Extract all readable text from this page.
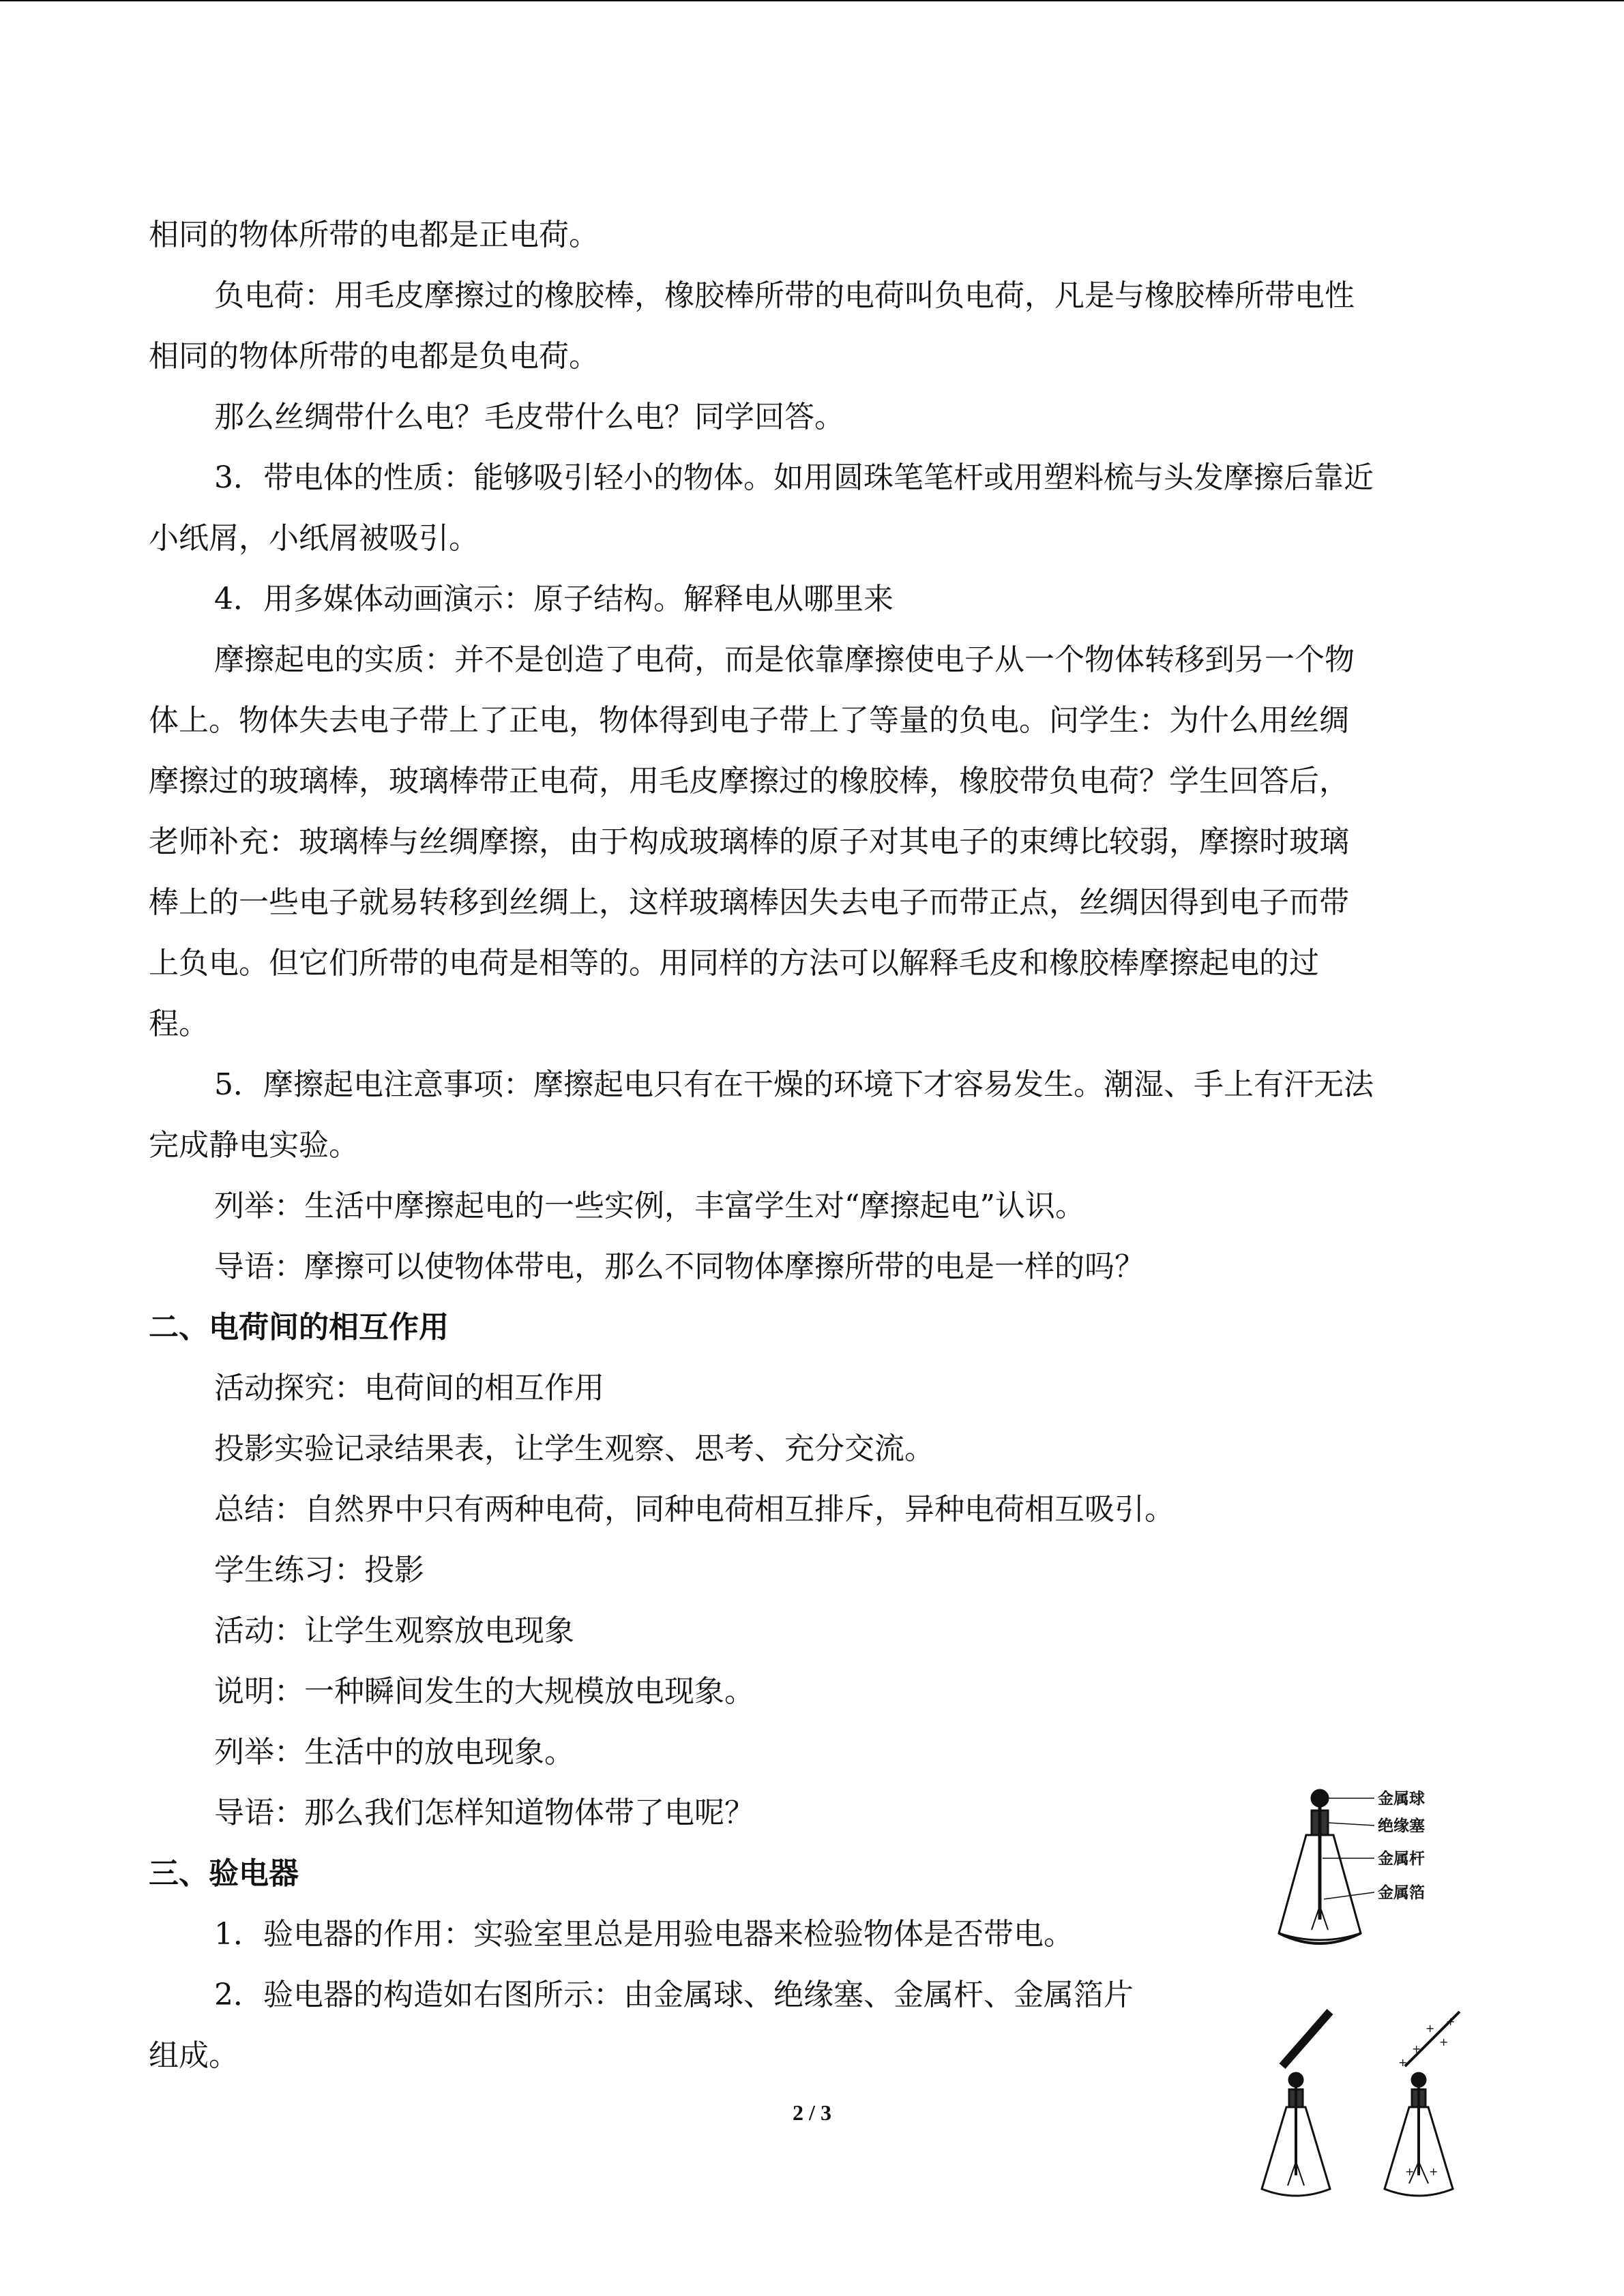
相同的物体所带的电都是正电荷。

负电荷：用毛皮摩擦过的橡胶棒，橡胶棒所带的电荷叫负电荷，凡是与橡胶棒所带电性

相同的物体所带的电都是负电荷。

那么丝绸带什么电？毛皮带什么电？同学回答。

3．带电体的性质：能够吸引轻小的物体。如用圆珠笔笔杆或用塑料梳与头发摩擦后靠近

小纸屑，小纸屑被吸引。

4．用多媒体动画演示：原子结构。解释电从哪里来

摩擦起电的实质：并不是创造了电荷，而是依靠摩擦使电子从一个物体转移到另一个物

体上。物体失去电子带上了正电，物体得到电子带上了等量的负电。问学生：为什么用丝绸

摩擦过的玻璃棒，玻璃棒带正电荷，用毛皮摩擦过的橡胶棒，橡胶带负电荷？学生回答后，

老师补充：玻璃棒与丝绸摩擦，由于构成玻璃棒的原子对其电子的束缚比较弱，摩擦时玻璃

棒上的一些电子就易转移到丝绸上，这样玻璃棒因失去电子而带正点，丝绸因得到电子而带

上负电。但它们所带的电荷是相等的。用同样的方法可以解释毛皮和橡胶棒摩擦起电的过

程。

5．摩擦起电注意事项：摩擦起电只有在干燥的环境下才容易发生。潮湿、手上有汗无法

完成静电实验。

列举：生活中摩擦起电的一些实例，丰富学生对“摩擦起电”认识。

导语：摩擦可以使物体带电，那么不同物体摩擦所带的电是一样的吗？

二、电荷间的相互作用

活动探究：电荷间的相互作用

投影实验记录结果表，让学生观察、思考、充分交流。

总结：自然界中只有两种电荷，同种电荷相互排斥，异种电荷相互吸引。

学生练习：投影

活动：让学生观察放电现象

说明：一种瞬间发生的大规模放电现象。

列举：生活中的放电现象。

导语：那么我们怎样知道物体带了电呢？

三、验电器

1．验电器的作用：实验室里总是用验电器来检验物体是否带电。

2．验电器的构造如右图所示：由金属球、绝缘塞、金属杆、金属箔片

组成。

金属球
绝缘塞
金属杆
金属箔
+
+
+
+
+
+ +
2 / 3
